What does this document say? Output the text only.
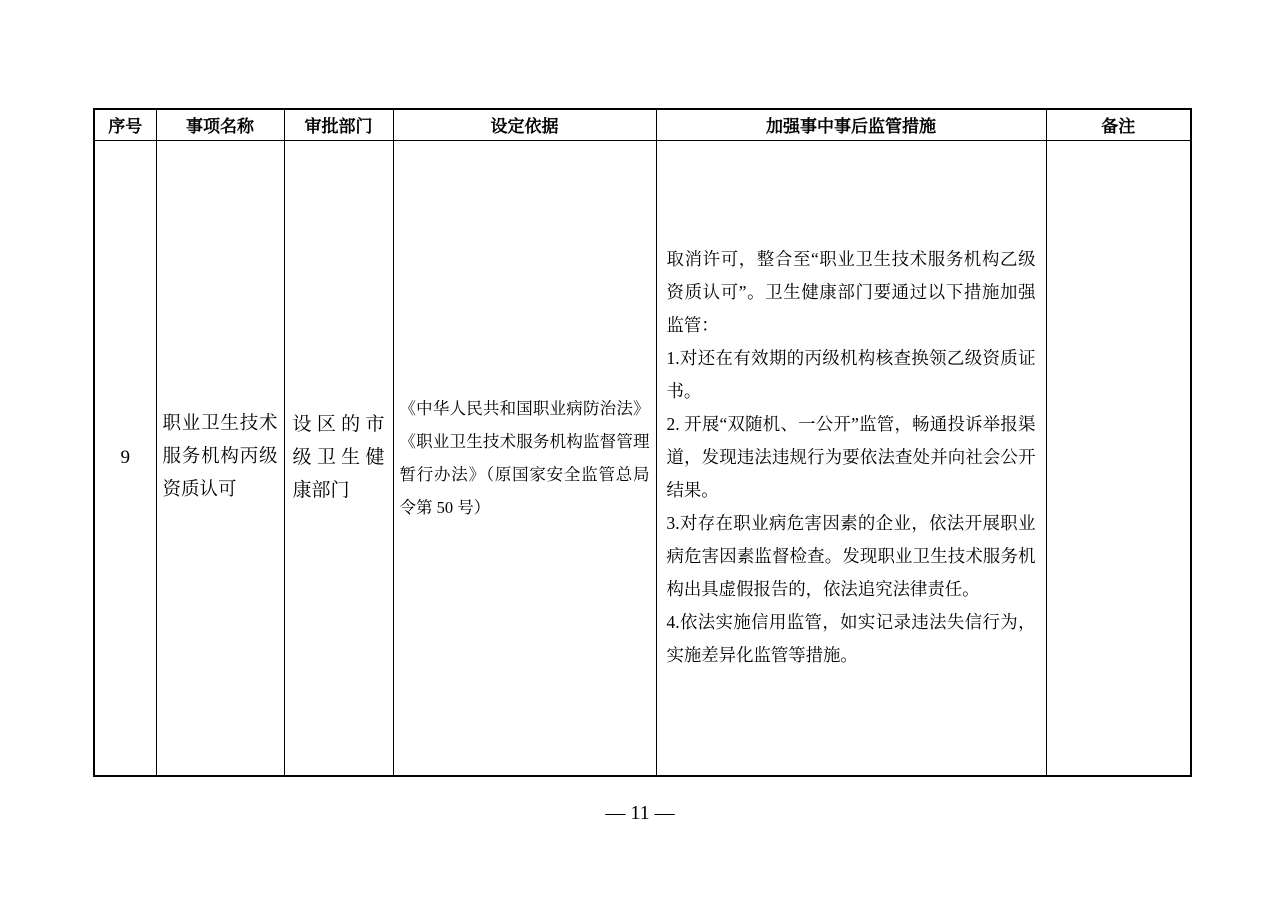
序号	事项名称	审批部门	设定依据	加强事中事后监管措施	备注
9	职业卫生技术服务机构丙级资质认可	设区的市级卫生健康部门	《中华人民共和国职业病防治法》《职业卫生技术服务机构监督管理暂行办法》（原国家安全监管总局令第 50 号）	取消许可，整合至“职业卫生技术服务机构乙级资质认可”。卫生健康部门要通过以下措施加强监管：

1.对还在有效期的丙级机构核查换领乙级资质证书。

2. 开展“双随机、一公开”监管，畅通投诉举报渠道，发现违法违规行为要依法查处并向社会公开结果。

3.对存在职业病危害因素的企业，依法开展职业病危害因素监督检查。发现职业卫生技术服务机构出具虚假报告的，依法追究法律责任。

4.依法实施信用监管，如实记录违法失信行为，实施差异化监管等措施。	

— 11 —
